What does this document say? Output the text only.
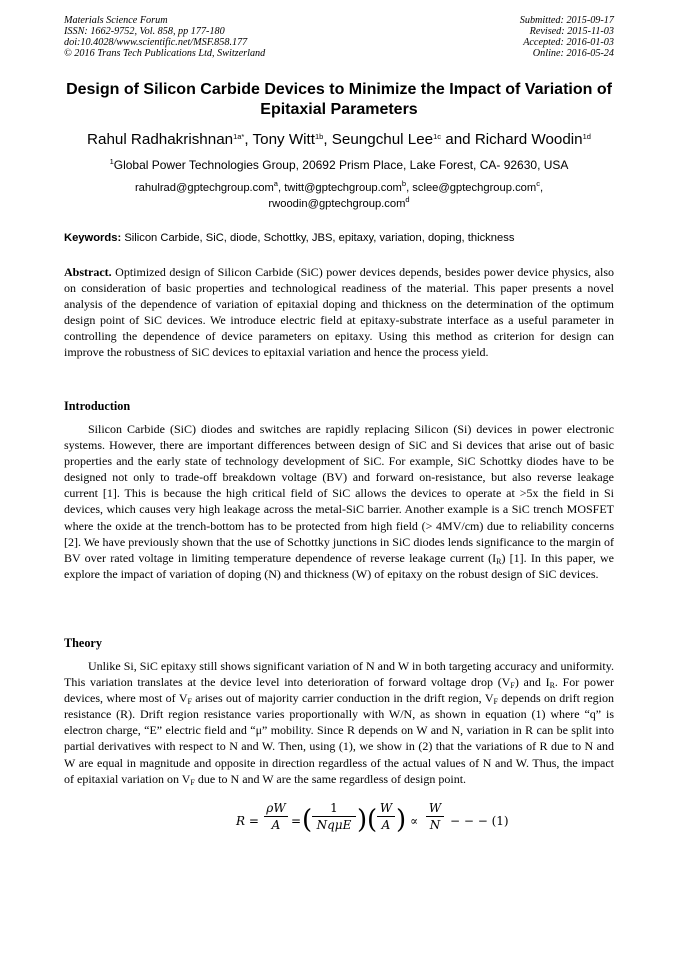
Materials Science Forum
ISSN: 1662-9752, Vol. 858, pp 177-180
doi:10.4028/www.scientific.net/MSF.858.177
© 2016 Trans Tech Publications Ltd, Switzerland
Submitted: 2015-09-17
Revised: 2015-11-03
Accepted: 2016-01-03
Online: 2016-05-24
Design of Silicon Carbide Devices to Minimize the Impact of Variation of
Epitaxial Parameters
Rahul Radhakrishnan$^{1a*}$, Tony Witt$^{1b}$, Seungchul Lee$^{1c}$ and Richard Woodin$^{1d}$
$^1$Global Power Technologies Group, 20692 Prism Place, Lake Forest, CA- 92630, USA
rahulrad@gptechgroup.com$^a$, twitt@gptechgroup.com$^b$, sclee@gptechgroup.com$^c$,
rwoodin@gptechgroup.com$^d$
Keywords: Silicon Carbide, SiC, diode, Schottky, JBS, epitaxy, variation, doping, thickness
Abstract. Optimized design of Silicon Carbide (SiC) power devices depends, besides power device physics, also on consideration of basic properties and technological readiness of the material. This paper presents a novel analysis of the dependence of variation of epitaxial doping and thickness on the determination of the optimum design point of SiC devices. We introduce electric field at epitaxy-substrate interface as a useful parameter in controlling the dependence of device parameters on epitaxy. Using this method as criterion for design can improve the robustness of SiC devices to epitaxial variation and hence the process yield.
Introduction
Silicon Carbide (SiC) diodes and switches are rapidly replacing Silicon (Si) devices in power electronic systems. However, there are important differences between design of SiC and Si devices that arise out of basic properties and the early state of technology development of SiC. For example, SiC Schottky diodes have to be designed not only to trade-off breakdown voltage (BV) and forward on-resistance, but also reverse leakage current [1]. This is because the high critical field of SiC allows the devices to operate at >5x the field in Si devices, which causes very high leakage across the metal-SiC barrier. Another example is a SiC trench MOSFET where the oxide at the trench-bottom has to be protected from high field (> 4MV/cm) due to reliability concerns [2]. We have previously shown that the use of Schottky junctions in SiC diodes lends significance to the margin of BV over rated voltage in limiting temperature dependence of reverse leakage current $(I_R)$ [1]. In this paper, we explore the impact of variation of doping (N) and thickness (W) of epitaxy on the robust design of SiC devices.
Theory
Unlike Si, SiC epitaxy still shows significant variation of N and W in both targeting accuracy and uniformity. This variation translates at the device level into deterioration of forward voltage drop $(V_F)$ and $I_R$. For power devices, where most of $V_F$ arises out of majority carrier conduction in the drift region, $V_F$ depends on drift region resistance (R). Drift region resistance varies proportionally with W/N, as shown in equation (1) where “q” is electron charge, “E” electric field and “μ” mobility. Since R depends on W and N, variation in R can be split into partial derivatives with respect to N and W. Then, using (1), we show in (2) that the variations of R due to N and W are equal in magnitude and opposite in direction regardless of the actual values of N and W. Thus, the impact of epitaxial variation on $V_F$ due to N and W are the same regardless of design point.
R =
ρW
A = (	1
NqμE ) ( W
A ) ∝
W
N − − − (1)
